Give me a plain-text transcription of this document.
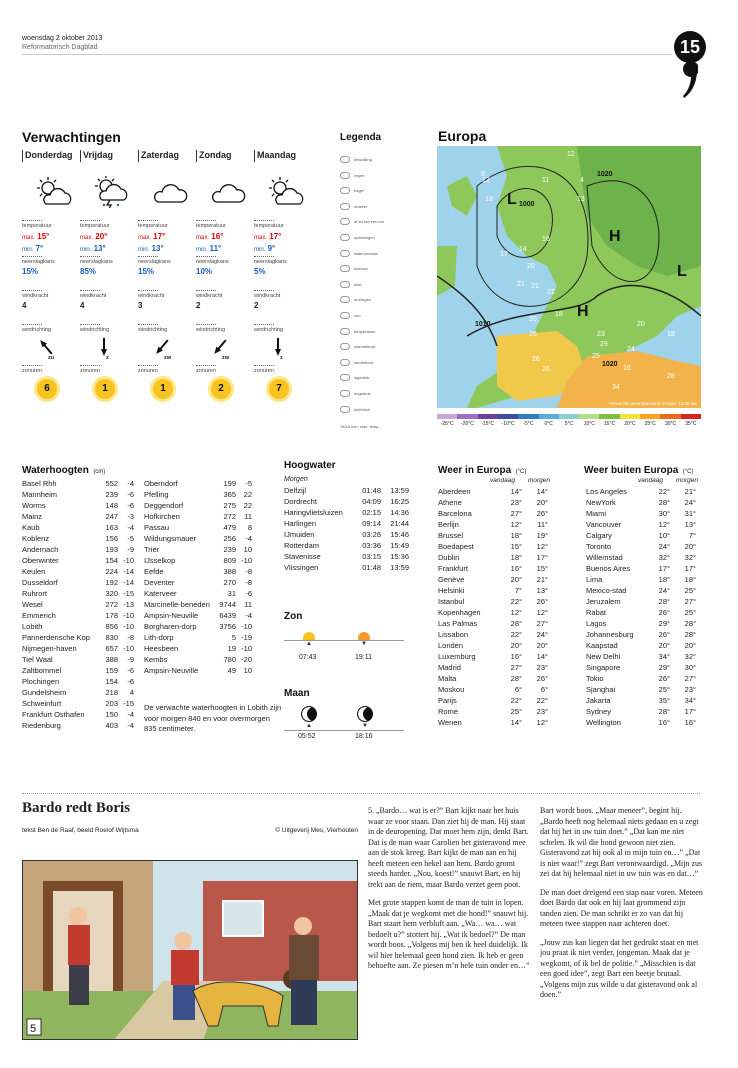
woensdag 2 oktober 2013
Reformatorisch Dagblad	15
Verwachtingen
Donderdag
temperatuur
max. 15°
min. 7°
neerslagkans
15%
windkracht
4
windrichting
zu
zonuren
6
Vrijdag
temperatuur
max. 20°
min. 13°
neerslagkans
85%
windkracht
4
windrichting
z
zonuren
1
Zaterdag
temperatuur
max. 17°
min. 13°
neerslagkans
15%
windkracht
3
windrichting
zw
zonuren
1
Zondag
temperatuur
max. 16°
min. 11°
neerslagkans
10%
windkracht
2
windrichting
zw
zonuren
2
Maandag
temperatuur
max. 17°
min. 9°
neerslagkans
5%
windkracht
2
windrichting
z
zonuren
7
Legenda
bewolking
regen
hagel
onweer
af en toe een bui
opklaringen
natte sneeuw
sneeuw
mist
motregen
zon
temperatuur
warmtefront
koudefront
lagedruk
hogedruk
luchtdruk
18/16 min. max. temp.
Europa
L
H
L
H
12
8
13
11	4
13
17
14
20
21 21
22
18
20
26	23
29
25
24
26
26
34
28
16
20
18
12
16
1000
1010
1020
1020
Verwachte weerstoestand morgen 13.00 uur
-25°C	-20°C	-15°C	-10°C	-5°C	0°C	5°C	10°C	15°C	20°C	25°C	30°C	35°C
Waterhoogten (cm)
Basel Rhh	552	-4
Mannheim	239	-6
Worms	148	-6
Mainz	247	-3
Kaub	163	-4
Koblenz	156	-5
Andernach	193	-9
Oberwinter	154 -10
Keulen	224 -14
Dusseldorf	192 -14
Ruhrort	320 -15
Wesel	272 -13
Emmerich	178 -10
Lobith	856 -10
Pannerdensche Kop	830	-8
Nijmegen-haven	657 -10
Tiel Waal	388	-9
Zaltbommel	159	-6
Plochingen	154	-6
Gundelsheim	218	4
Schweinfurt	203 -15
Frankfurt Osthafen	150	-4
Riedenburg	403	-4
Oberndorf	199	-5
Pfelling	365	22
Deggendorf	275	22
Hofkirchen	272	11
Passau	479	8
Wildungsmauer	256	-4
Trier	239	10
IJsselkop	809 -10
Eefde	388	-8
Deventer	270	-8
Katerveer	31	-6
Marcinelle-beneden	9744	11
Ampsin-Neuville	6439	-4
Borgharen-dorp	3756 -10
Lith-dorp	5 -19
Heesbeen	19 -10
Kembs	780 -20
Ampsin-Neuville	49	10
De verwachte waterhoogten in Lobith zijn voor morgen 840 en voor overmorgen 835 centimeter.
Hoogwater
Morgen
Delfzijl	01:48	13:59
Dordrecht	04:09	16:25
Haringvlietsluizen	02:15	14:36
Harlingen	09:14	21:44
IJmuiden	03:26	15:46
Rotterdam	03:36	15:49
Stavenisse	03:15	15:36
Vlissingen	01:48	13:59
Zon
▲	▼
07:43	19:11
Maan
▲	▼
05:52	18:16
Weer in Europa (°C)
vandaag morgen
Aberdeen	14°	14°
Athene	23°	20°
Barcelona	27°	26°
Berlijn	12°	11°
Brussel	18°	19°
Boedapest	15°	12°
Dublin	18°	17°
Frankfurt	16°	15°
Genève	20°	21°
Helsinki	7°	13°
Istanbul	22°	26°
Kopenhagen	12°	12°
Las Palmas	28°	27°
Lissabon	22°	24°
Londen	20°	20°
Luxemburg	16°	14°
Madrid	27°	23°
Malta	28°	26°
Moskou	6°	6°
Parijs	22°	22°
Rome	25°	23°
Wenen	14°	12°
Weer buiten Europa (°C)
vandaag morgen
Los Angeles	22°	21°
NewYork	28°	24°
Miami	30°	31°
Vancouver	12°	13°
Calgary	10°	7°
Toronto	24°	20°
Willemstad	32°	32°
Buenos Aires	17°	17°
Lima	18°	18°
Mexico-stad	24°	25°
Jeruzalem	28°	27°
Rabat	26°	25°
Lagos	29°	28°
Johannesburg	26°	28°
Kaapstad	20°	20°
New Delhi	34°	32°
Singapore	29°	30°
Tokio	26°	27°
Sjanghai	25°	23°
Jakarta	35°	34°
Sydney	28°	17°
Wellington	16°	16°
Bardo redt Boris
tekst Ben de Raaf, beeld Roelof Wijtsma	© Uitgeverij Mes, Vierhouten
5

5. „Bardo… wat is er?” Bart kijkt naar het huis waar ze voor staan. Dan ziet hij de man. Hij staat in de deuropening. Dat moet hem zijn, denkt Bart. Dat is de man waar Carolien het gisteravond mee aan de stok kreeg. Bart kijkt de man aan en hij heeft meteen een hekel aan hem. Bardo gromt steeds harder. „Nou, koest!” snauwt Bart, en hij trekt aan de riem, maar Bardo verzet geen poot.

Met grote stappen komt de man de tuin in lopen. „Maak dat je wegkomt met die hond!” snauwt hij. Bart staart hem verbluft aan. „Wa… wa… wat bedoelt u?” stottert hij. „Wat ik bedoel?” De man wordt boos. „Volgens mij ben ik heel duidelijk. Ik wil hier helemaal geen hond zien. Ik heb er geen behoefte aan. Ze piesen m’n hele tuin onder en…”

Bart wordt boos. „Maar meneer”, begint hij. „Bardo heeft nog helemaal niets gedaan en u zegt dat hij het in uw tuin doet.” „Dat kan me niet schelen. Ik wil die hond gewoon niet zien. Gisteravond zat hij ook al in mijn tuin en…” „Dat is niet waar!” zegt Bart verontwaardigd. „Mijn zus zei dat hij helemaal niet in uw tuin was en dat…”

De man doet dreigend een stap naar voren. Meteen doet Bardo dat ook en hij laat grommend zijn tanden zien. De man schrikt er zo van dat hij meteen twee stappen naar achteren doet.

„Jouw zus kan liegen dat het gedrukt staat en met jou praat ik niet verder, jongeman. Maak dat je wegkomt, of ik bel de politie.” „Misschien is dat een goed idee”, zegt Bart een beetje brutaal. „Volgens mijn zus wilde u dat gisteravond ook al doen.”
